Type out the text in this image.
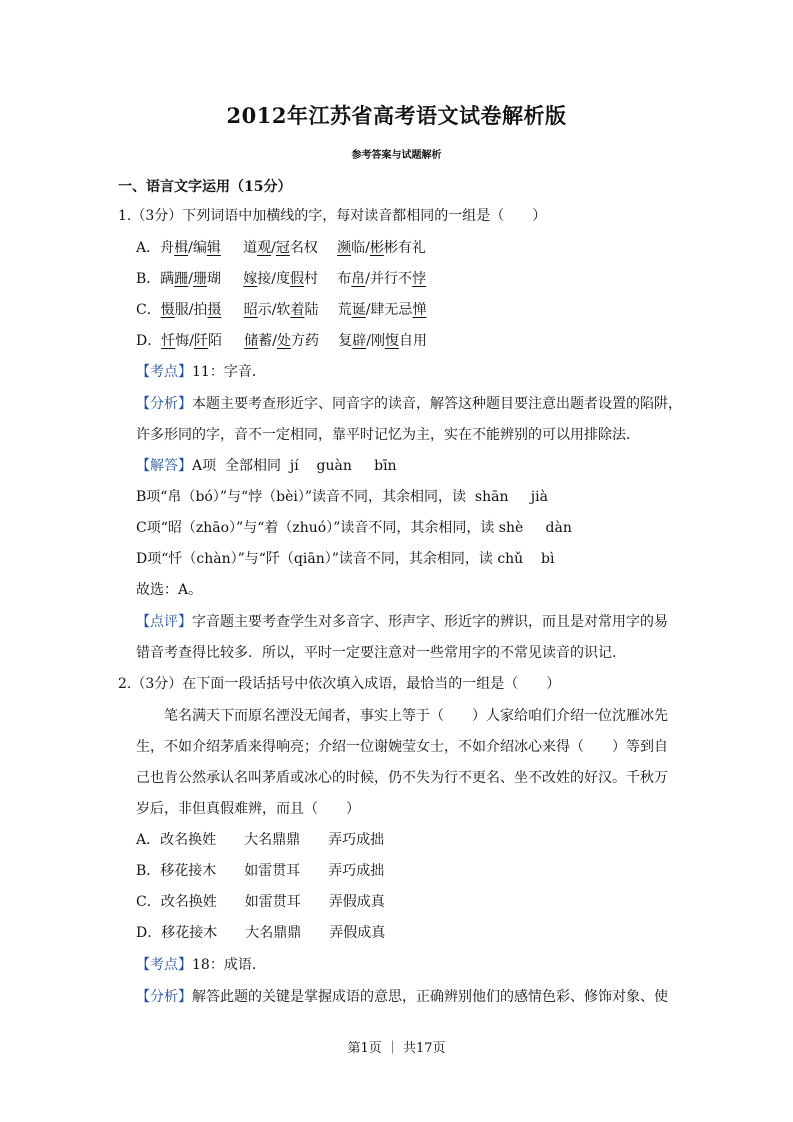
2012年江苏省高考语文试卷解析版
参考答案与试题解析
一、语言文字运用（15分）
1.（3分）下列词语中加横线的字，每对读音都相同的一组是（　　）
A．舟楫/编辑 道观/冠名权 濒临/彬彬有礼
B．蹒跚/珊瑚 嫁接/度假村 布帛/并行不悖
C．慑服/拍摄 昭示/软着陆 荒诞/肆无忌惮
D．忏悔/阡陌 储蓄/处方药 复辟/刚愎自用
【考点】11：字音．
【分析】本题主要考查形近字、同音字的读音，解答这种题目要注意出题者设置的陷阱，
许多形同的字，音不一定相同，靠平时记忆为主，实在不能辨别的可以用排除法．
【解答】A项  全部相同  jí    guàn     bīn
B项“帛（bó）”与“悖（bèi）”读音不同，其余相同，读  shān     jià
C项“昭（zhāo）”与“着（zhuó）”读音不同，其余相同，读 shè     dàn
D项“忏（chàn）”与“阡（qiān）”读音不同，其余相同，读 chǔ    bì
故选：A。
【点评】字音题主要考查学生对多音字、形声字、形近字的辨识，而且是对常用字的易
错音考查得比较多．所以，平时一定要注意对一些常用字的不常见读音的识记．
2.（3分）在下面一段话括号中依次填入成语，最恰当的一组是（　　）
笔名满天下而原名湮没无闻者，事实上等于（　　）人家给咱们介绍一位沈雁冰先
生，不如介绍茅盾来得响亮；介绍一位谢婉莹女士，不如介绍冰心来得（　　）等到自
己也肯公然承认名叫茅盾或冰心的时候，仍不失为行不更名、坐不改姓的好汉。千秋万
岁后，非但真假难辨，而且（　　）
A．改名换姓 大名鼎鼎 弄巧成拙
B．移花接木 如雷贯耳 弄巧成拙
C．改名换姓 如雷贯耳 弄假成真
D．移花接木 大名鼎鼎 弄假成真
【考点】18：成语．
【分析】解答此题的关键是掌握成语的意思，正确辨别他们的感情色彩、修饰对象、使
第1页 ｜ 共17页
